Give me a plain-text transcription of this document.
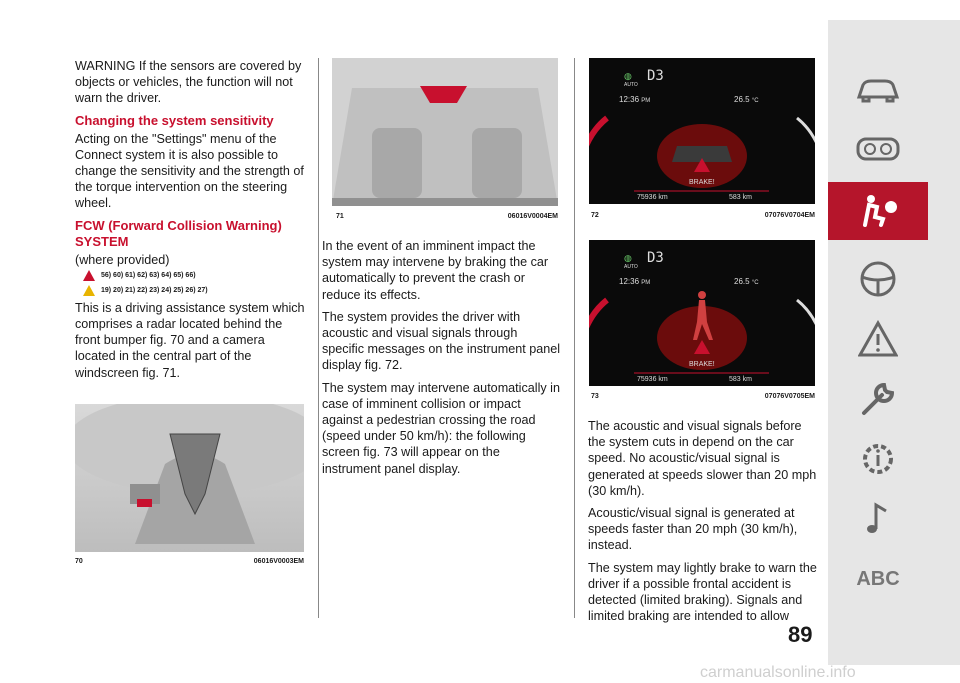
WARNING If the sensors are covered by objects or vehicles, the function will not warn the driver.

Changing the system sensitivity

Acting on the "Settings" menu of the Connect system it is also possible to change the sensitivity and the strength of the torque intervention on the steering wheel.

FCW (Forward Collision Warning) SYSTEM

(where provided)

56) 60) 61) 62) 63) 64) 65) 66)
19) 20) 21) 22) 23) 24) 25) 26) 27)

This is a driving assistance system which comprises a radar located behind the front bumper fig. 70 and a camera located in the central part of the windscreen fig. 71.

70	06016V0003EM
71	06016V0004EM

In the event of an imminent impact the system may intervene by braking the car automatically to prevent the crash or reduce its effects.

The system provides the driver with acoustic and visual signals through specific messages on the instrument panel display fig. 72.

The system may intervene automatically in case of imminent collision or impact against a pedestrian crossing the road (speed under 50 km/h): the following screen fig. 73 will appear on the instrument panel display.

◍
AUTO
D3
12:36 PM	26.5 °C
BRAKE!
75936 km	583 km
72	07076V0704EM
◍
AUTO
D3
12:36 PM	26.5 °C
BRAKE!
75936 km	583 km
73	07076V0705EM

The acoustic and visual signals before the system cuts in depend on the car speed. No acoustic/visual signal is generated at speeds slower than 20 mph (30 km/h).

Acoustic/visual signal is generated at speeds faster than 20 mph (30 km/h), instead.

The system may lightly brake to warn the driver if a possible frontal accident is detected (limited braking). Signals and limited braking are intended to allow

89
ABC
carmanualsonline.info
